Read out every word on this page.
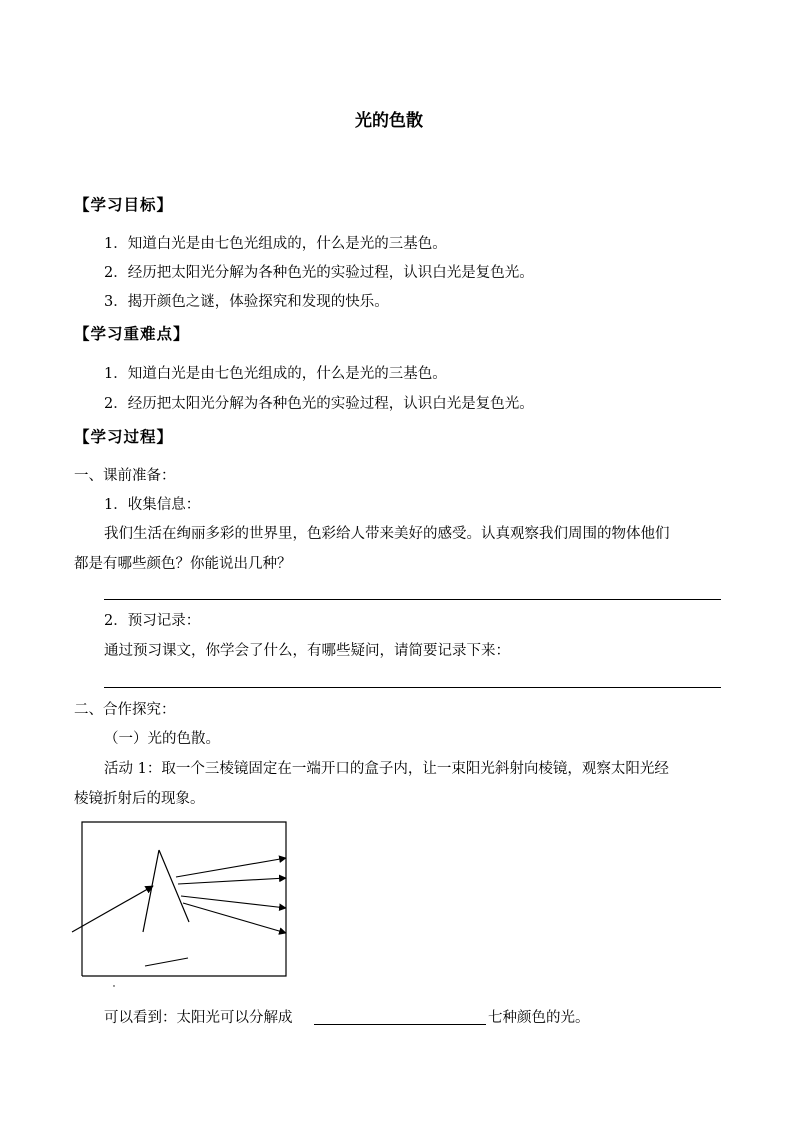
光的色散
【学习目标】
1．知道白光是由七色光组成的，什么是光的三基色。
2．经历把太阳光分解为各种色光的实验过程，认识白光是复色光。
3．揭开颜色之谜，体验探究和发现的快乐。
【学习重难点】
1．知道白光是由七色光组成的，什么是光的三基色。
2．经历把太阳光分解为各种色光的实验过程，认识白光是复色光。
【学习过程】
一、课前准备：
1．收集信息：
我们生活在绚丽多彩的世界里，色彩给人带来美好的感受。认真观察我们周围的物体他们
都是有哪些颜色？你能说出几种？
2．预习记录：
通过预习课文，你学会了什么，有哪些疑问，请简要记录下来：
二、合作探究：
（一）光的色散。
活动 1：取一个三棱镜固定在一端开口的盒子内，让一束阳光斜射向棱镜，观察太阳光经
棱镜折射后的现象。
可以看到：太阳光可以分解成	七种颜色的光。
